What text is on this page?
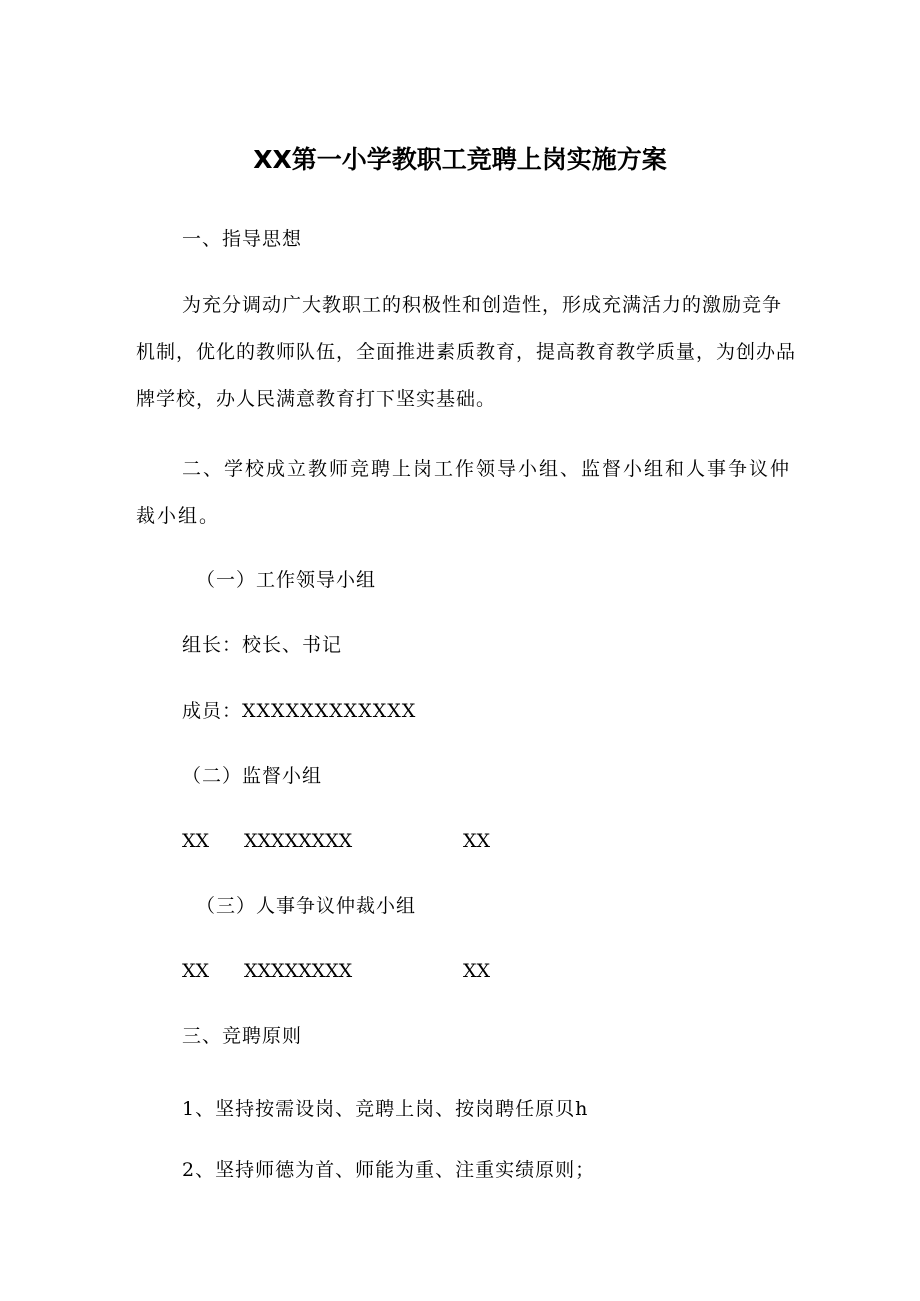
XX第一小学教职工竞聘上岗实施方案
一、指导思想
为充分调动广大教职工的积极性和创造性，形成充满活力的激励竞争机制，优化的教师队伍，全面推进素质教育，提高教育教学质量，为创办品牌学校，办人民满意教育打下坚实基础。
二、学校成立教师竞聘上岗工作领导小组、监督小组和人事争议仲裁小组。
（一）工作领导小组
组长：校长、书记
成员：XXXXXXXXXXXX
（二）监督小组
XX XXXXXXXX	XX
（三）人事争议仲裁小组
XX XXXXXXXX	XX
三、竞聘原则
1、坚持按需设岗、竞聘上岗、按岗聘任原贝h
2、坚持师德为首、师能为重、注重实绩原则；
